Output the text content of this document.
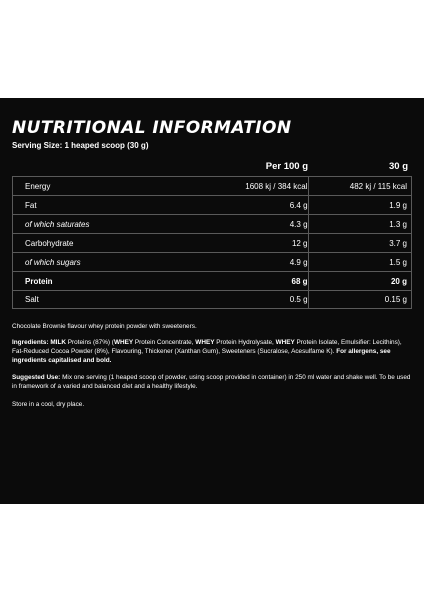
NUTRITIONAL INFORMATION
Serving Size: 1 heaped scoop (30 g)
Per 100 g	30 g
Energy	1608 kj / 384 kcal	482 kj / 115 kcal
Fat	6.4 g	1.9 g
of which saturates	4.3 g	1.3 g
Carbohydrate	12 g	3.7 g
of which sugars	4.9 g	1.5 g
Protein	68 g	20 g
Salt	0.5 g	0.15 g
Chocolate Brownie flavour whey protein powder with sweeteners.
Ingredients: MILK Proteins (87%) (WHEY Protein Concentrate, WHEY Protein Hydrolysate, WHEY Protein Isolate, Emulsifier: Lecithins), Fat-Reduced Cocoa Powder (8%), Flavouring, Thickener (Xanthan Gum), Sweeteners (Sucralose, Acesulfame K). For allergens, see ingredients capitalised and bold.
Suggested Use: Mix one serving (1 heaped scoop of powder, using scoop provided in container) in 250 ml water and shake well. To be used in framework of a varied and balanced diet and a healthy lifestyle.
Store in a cool, dry place.
